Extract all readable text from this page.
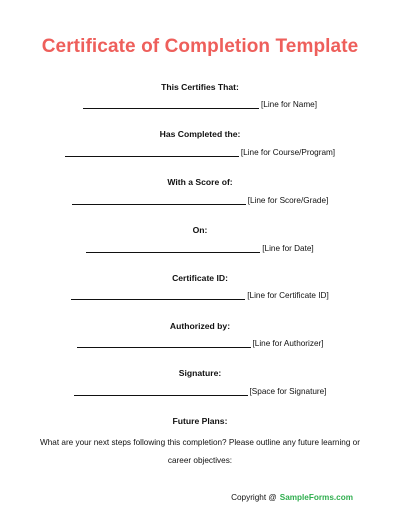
Certificate of Completion Template
This Certifies That:
[Line for Name]
Has Completed the:
[Line for Course/Program]
With a Score of:
[Line for Score/Grade]
On:
[Line for Date]
Certificate ID:
[Line for Certificate ID]
Authorized by:
[Line for Authorizer]
Signature:
[Space for Signature]
Future Plans:
What are your next steps following this completion? Please outline any future learning or career objectives:
Copyright @ SampleForms.com
